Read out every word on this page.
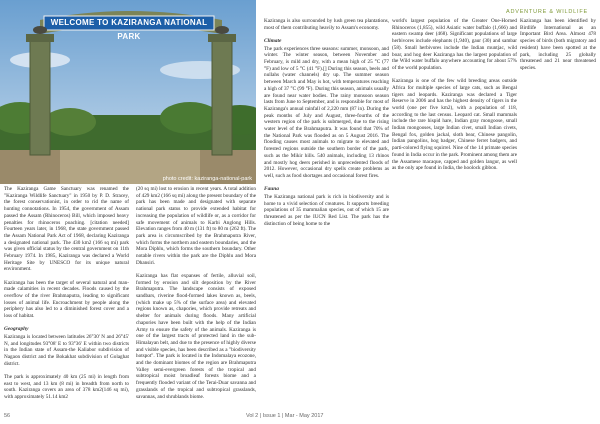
WELCOME TO KAZIRANGA NATIONAL PARK
photo credit: kaziranga-national-park
ADVENTURE & WILDLIFE

The Kaziranga Game Sanctuary was renamed the "Kaziranga Wildlife Sanctuary" in 1950 by P. D. Stracey, the forest conservationist, in order to rid the name of hunting connotations. In 1954, the government of Assam passed the Assam (Rhinoceros) Bill, which imposed heavy penalties for rhinoceros poaching. [citation needed] Fourteen years later, in 1968, the state government passed the Assam National Park Act of 1968, declaring Kaziranga a designated national park. The 430 km2 (166 sq mi) park was given official status by the central government on 11th February 1974. In 1985, Kaziranga was declared a World Heritage Site by UNESCO for its unique natural environment.

Kaziranga has been the target of several natural and man-made calamities in recent decades. Floods caused by the overflow of the river Brahmaputra, leading to significant losses of animal life. Encroachment by people along the periphery has also led to a diminished forest cover and a loss of habitat.

Geography

Kaziranga is located between latitudes 26°30' N and 26°45' N, and longitudes 93°08' E to 93°36' E within two districts in the Indian state of Assam-the Kaliabor subdivision of Nagaon district and the Bokakhat subdivision of Golaghat district.

The park is approximately 40 km (25 mi) in length from east to west, and 13 km (8 mi) in breadth from north to south. Kaziranga covers an area of 378 km2(146 sq mi), with approximately 51.14 km2

(20 sq mi) lost to erosion in recent years. A total addition of 429 km2 (166 sq mi) along the present boundary of the park has been made and designated with separate national park status to provide extended habitat for increasing the population of wildlife or, as a corridor for safe movement of animals to Karbi Anglong Hills. Elevation ranges from 40 m (131 ft) to 80 m (262 ft). The park area is circumscribed by the Brahmaputra River, which forms the northern and eastern boundaries, and the Mora Diphlu, which forms the southern boundary. Other notable rivers within the park are the Diphlu and Mora Dhansiri.

Kaziranga has flat expanses of fertile, alluvial soil, formed by erosion and silt deposition by the River Brahmaputra. The landscape consists of exposed sandbars, riverine flood-formed lakes known as, beels, (which make up 5% of the surface area) and elevated regions known as, chapories, which provide retreats and shelter for animals during floods. Many artificial chapories have been built with the help of the Indian Army to ensure the safety of the animals. Kaziranga is one of the largest tracts of protected land in the sub-Himalayan belt, and due to the presence of highly diverse and visible species, has been described as a "biodiversity hotspot". The park is located in the Indomalaya ecozone, and the dominant biomes of the region are Brahmaputra Valley semi-evergreen forests of the tropical and subtropical moist broadleaf forests biome and a frequently flooded variant of the Terai-Duar savanna and grasslands of the tropical and subtropical grasslands, savannas, and shrublands biome.

Kaziranga is also surrounded by lush green tea plantations, most of them contributing heavily to Assam's economy.

Climate

The park experiences three seasons: summer, monsoon, and winter. The winter season, between November and February, is mild and dry, with a mean high of 25 °C (77 °F) and low of 5 °C (41 °F).[] During this season, beels and nullahs (water channels) dry up. The summer season between March and May is hot, with temperatures reaching a high of 37 °C (99 °F). During this season, animals usually are found near water bodies. The rainy monsoon season lasts from June to September, and is responsible for most of Kaziranga's annual rainfall of 2,220 mm (87 in). During the peak months of July and August, three-fourths of the western region of the park is submerged, due to the rising water level of the Brahmaputra. It was found that 70% of the National Park was flooded as on 5 August 2016. The flooding causes most animals to migrate to elevated and forested regions outside the southern border of the park, such as the Mikir hills. 540 animals, including 13 rhinos and mostly hog deers perished in unprecedented floods of 2012. However, occasional dry spells create problems as well, such as food shortages and occasional forest fires.

Fauna

The Kaziranga national park is rich in biodiversity and is home to a vivid selection of creatures. It supports breeding populations of 35 mammalian species, out of which 15 are threatened as per the IUCN Red List. The park has the distinction of being home to the

world's largest population of the Greater One-Horned Rhinoceros (1,855), wild Asiatic water buffalo (1,666) and eastern swamp deer (468). Significant populations of large herbivores include elephants (1,940), gaur (30) and sambar (58). Small herbivores include the Indian muntjac, wild boar, and hog deer Kaziranga has the largest population of the Wild water buffalo anywhere accounting for about 57% of the world population.

Kaziranga is one of the few wild breeding areas outside Africa for multiple species of large cats, such as Bengal tigers and leopards. Kaziranga was declared a Tiger Reserve in 2006 and has the highest density of tigers in the world (one per five km2), with a population of 118, according to the last census. Leopard cat. Small mammals include the rare hispid hare, Indian gray mongoose, small Indian mongooses, large Indian civet, small Indian civets, Bengal fox, golden jackal, sloth bear, Chinese pangolin, Indian pangolins, hog badger, Chinese ferret badgers, and parti-colored flying squirrel. Nine of the 14 primate species found in India occur in the park. Prominent among them are the Assamese macaque, capped and golden langur, as well as the only ape found in India, the hoolock gibbon.

Kaziranga has been identified by Birdlife International as an Important Bird Area. Almost 478 species of birds (both migratory and resident) have been spotted at the park, including 25 globally threatened and 21 near threatened species.

56	Vol 2 | Issue 1 | Mar - May 2017
